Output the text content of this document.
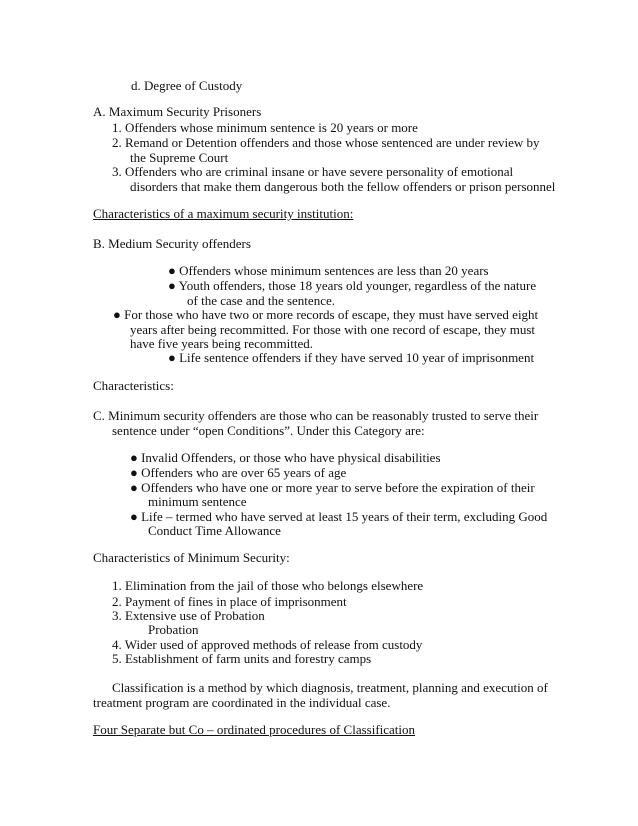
d. Degree of Custody
A. Maximum Security Prisoners
1. Offenders whose minimum sentence is 20 years or more
2. Remand or Detention offenders and those whose sentenced are under review by
the Supreme Court
3. Offenders who are criminal insane or have severe personality of emotional
disorders that make them dangerous both the fellow offenders or prison personnel
Characteristics of a maximum security institution:
B. Medium Security offenders
● Offenders whose minimum sentences are less than 20 years
● Youth offenders, those 18 years old younger, regardless of the nature
of the case and the sentence.
● For those who have two or more records of escape, they must have served eight
years after being recommitted. For those with one record of escape, they must
have five years being recommitted.
● Life sentence offenders if they have served 10 year of imprisonment
Characteristics:
C. Minimum security offenders are those who can be reasonably trusted to serve their
sentence under “open Conditions”. Under this Category are:
● Invalid Offenders, or those who have physical disabilities
● Offenders who are over 65 years of age
● Offenders who have one or more year to serve before the expiration of their
minimum sentence
● Life – termed who have served at least 15 years of their term, excluding Good
Conduct Time Allowance
Characteristics of Minimum Security:
1. Elimination from the jail of those who belongs elsewhere
2. Payment of fines in place of imprisonment
3. Extensive use of Probation
Probation
4. Wider used of approved methods of release from custody
5. Establishment of farm units and forestry camps
Classification is a method by which diagnosis, treatment, planning and execution of
treatment program are coordinated in the individual case.
Four Separate but Co – ordinated procedures of Classification
